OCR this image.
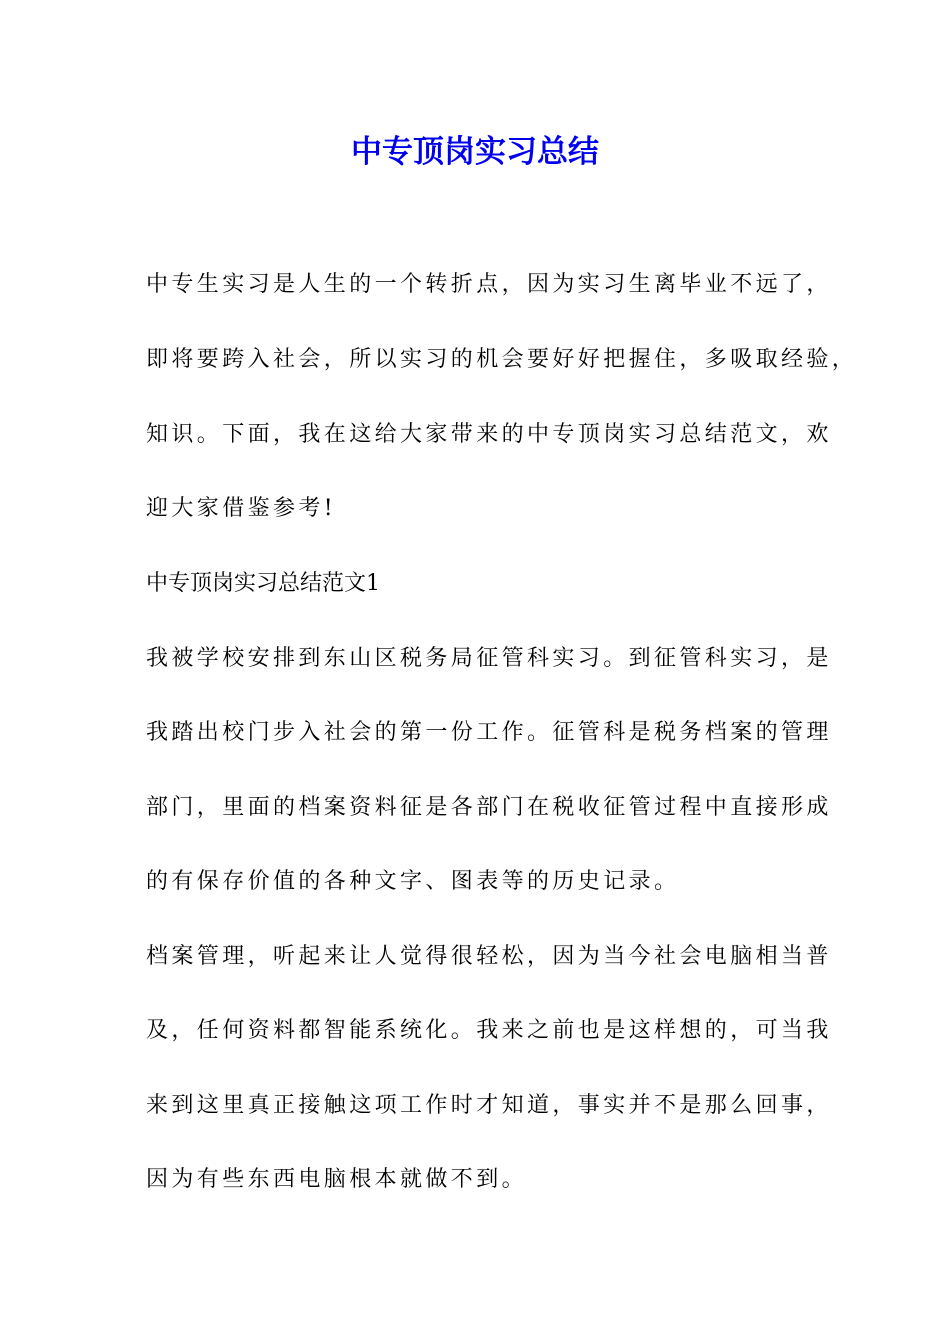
中专顶岗实习总结
中专生实习是人生的一个转折点，因为实习生离毕业不远了，
即将要跨入社会，所以实习的机会要好好把握住，多吸取经验，
知识。下面，我在这给大家带来的中专顶岗实习总结范文，欢
迎大家借鉴参考!
中专顶岗实习总结范文1
我被学校安排到东山区税务局征管科实习。到征管科实习，是
我踏出校门步入社会的第一份工作。征管科是税务档案的管理
部门，里面的档案资料征是各部门在税收征管过程中直接形成
的有保存价值的各种文字、图表等的历史记录。
档案管理，听起来让人觉得很轻松，因为当今社会电脑相当普
及，任何资料都智能系统化。我来之前也是这样想的，可当我
来到这里真正接触这项工作时才知道，事实并不是那么回事，
因为有些东西电脑根本就做不到。
